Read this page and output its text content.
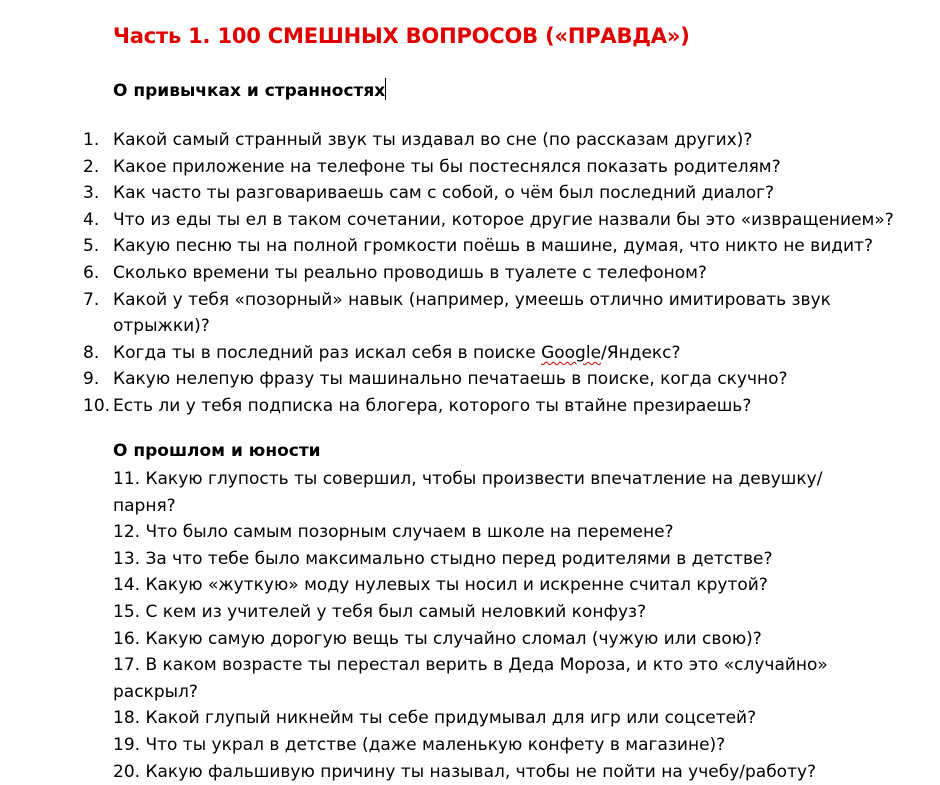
Часть 1. 100 СМЕШНЫХ ВОПРОСОВ («ПРАВДА»)
О привычках и странностях
1. Какой самый странный звук ты издавал во сне (по рассказам других)?
2. Какое приложение на телефоне ты бы постеснялся показать родителям?
3. Как часто ты разговариваешь сам с собой, о чём был последний диалог?
4. Что из еды ты ел в таком сочетании, которое другие назвали бы это «извращением»?
5. Какую песню ты на полной громкости поёшь в машине, думая, что никто не видит?
6. Сколько времени ты реально проводишь в туалете с телефоном?
7. Какой у тебя «позорный» навык (например, умеешь отлично имитировать звук отрыжки)?
8. Когда ты в последний раз искал себя в поиске Google/Яндекс?
9. Какую нелепую фразу ты машинально печатаешь в поиске, когда скучно?
10. Есть ли у тебя подписка на блогера, которого ты втайне презираешь?
О прошлом и юности
11. Какую глупость ты совершил, чтобы произвести впечатление на девушку/парня?
12. Что было самым позорным случаем в школе на перемене?
13. За что тебе было максимально стыдно перед родителями в детстве?
14. Какую «жуткую» моду нулевых ты носил и искренне считал крутой?
15. С кем из учителей у тебя был самый неловкий конфуз?
16. Какую самую дорогую вещь ты случайно сломал (чужую или свою)?
17. В каком возрасте ты перестал верить в Деда Мороза, и кто это «случайно» раскрыл?
18. Какой глупый никнейм ты себе придумывал для игр или соцсетей?
19. Что ты украл в детстве (даже маленькую конфету в магазине)?
20. Какую фальшивую причину ты называл, чтобы не пойти на учебу/работу?
